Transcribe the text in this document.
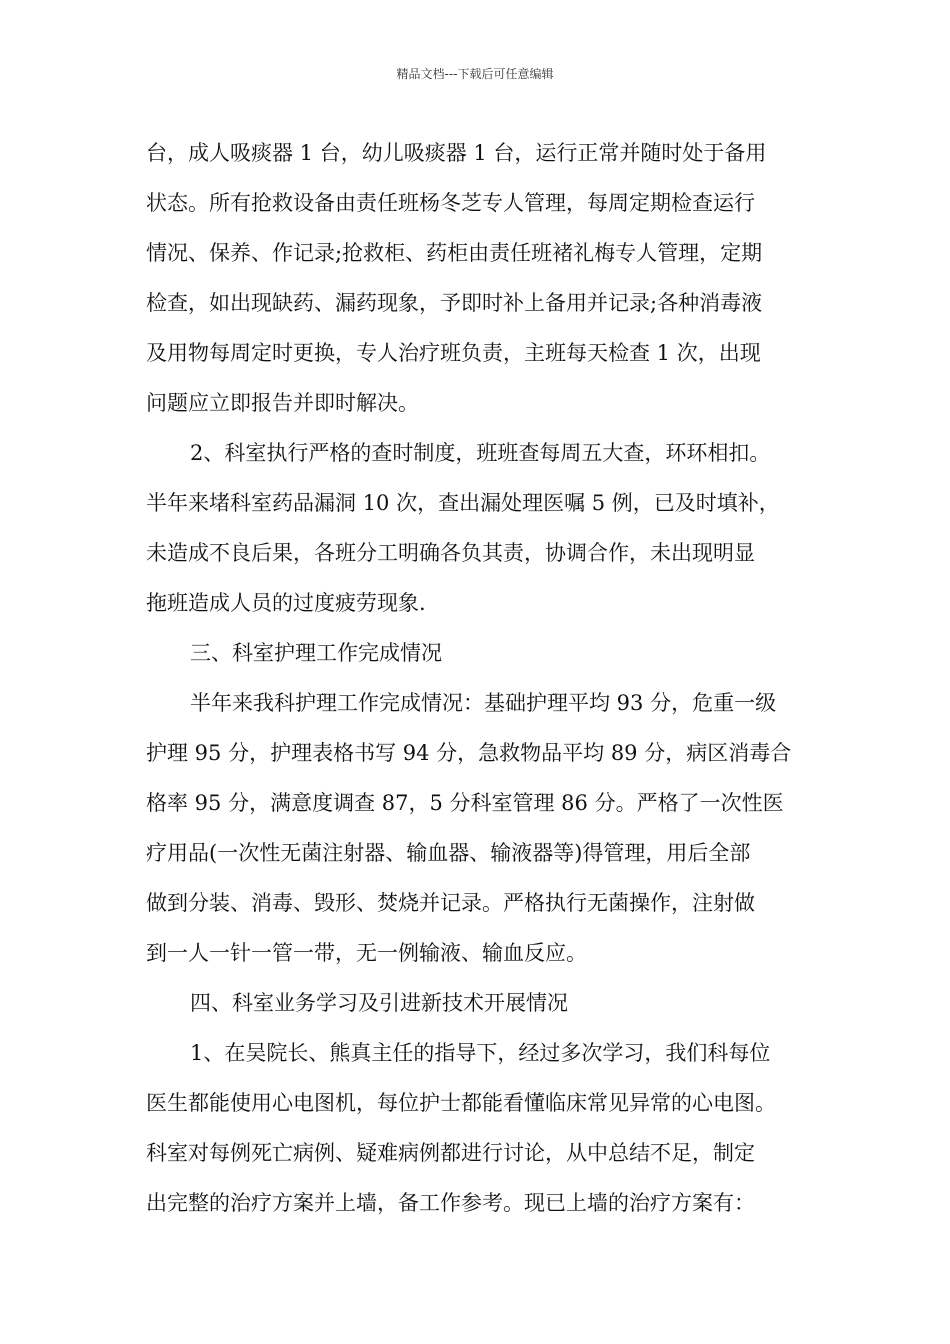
精品文档---下载后可任意编辑
台，成人吸痰器 1 台，幼儿吸痰器 1 台，运行正常并随时处于备用
状态。所有抢救设备由责任班杨冬芝专人管理，每周定期检查运行
情况、保养、作记录;抢救柜、药柜由责任班褚礼梅专人管理，定期
检查，如出现缺药、漏药现象，予即时补上备用并记录;各种消毒液
及用物每周定时更换，专人治疗班负责，主班每天检查 1 次，出现
问题应立即报告并即时解决。
2、科室执行严格的查时制度，班班查每周五大查，环环相扣。
半年来堵科室药品漏洞 10 次，查出漏处理医嘱 5 例，已及时填补，
未造成不良后果，各班分工明确各负其责，协调合作，未出现明显
拖班造成人员的过度疲劳现象.
三、科室护理工作完成情况
半年来我科护理工作完成情况：基础护理平均 93 分，危重一级
护理 95 分，护理表格书写 94 分，急救物品平均 89 分，病区消毒合
格率 95 分，满意度调查 87，5 分科室管理 86 分。严格了一次性医
疗用品(一次性无菌注射器、输血器、输液器等)得管理，用后全部
做到分装、消毒、毁形、焚烧并记录。严格执行无菌操作，注射做
到一人一针一管一带，无一例输液、输血反应。
四、科室业务学习及引进新技术开展情况
1、在吴院长、熊真主任的指导下，经过多次学习，我们科每位
医生都能使用心电图机，每位护士都能看懂临床常见异常的心电图。
科室对每例死亡病例、疑难病例都进行讨论，从中总结不足，制定
出完整的治疗方案并上墙，备工作参考。现已上墙的治疗方案有：
